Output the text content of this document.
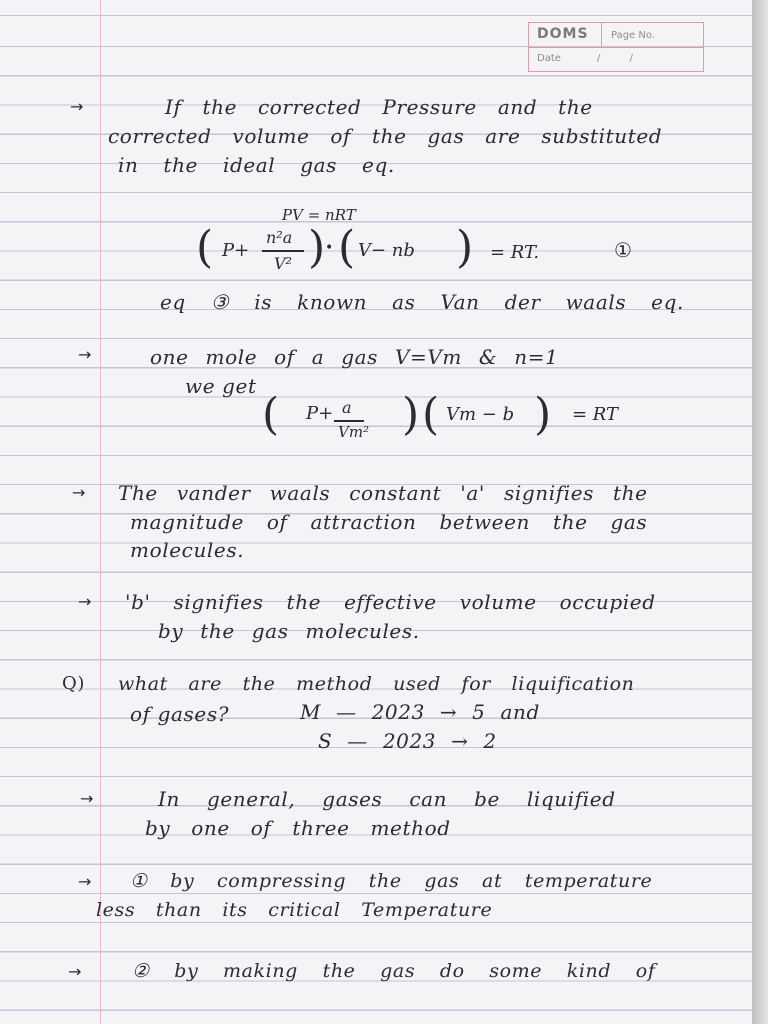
DOMS Page No.
Date	/ /
→	If the corrected Pressure and the
corrected volume of the gas are substituted
in the ideal gas eq.
PV = nRT
( P+
n²a
V² ) • ( V− nb ) = RT.	①
eq ③ is known as Van der waals eq.
→	one mole of a gas V=Vm & n=1
we get
( P+ a
Vm² ) ( Vm − b ) = RT
→ The vander waals constant 'a' signifies the
magnitude of attraction between the gas
molecules.
→ 'b' signifies the effective volume occupied
by the gas molecules.
Q) what are the method used for liquification
of gases?	M — 2023 → 5 and
S — 2023 → 2
→	In general, gases can be liquified
by one of three method
→ ① by compressing the gas at temperature
less than its critical Temperature
→	② by making the gas do some kind of
